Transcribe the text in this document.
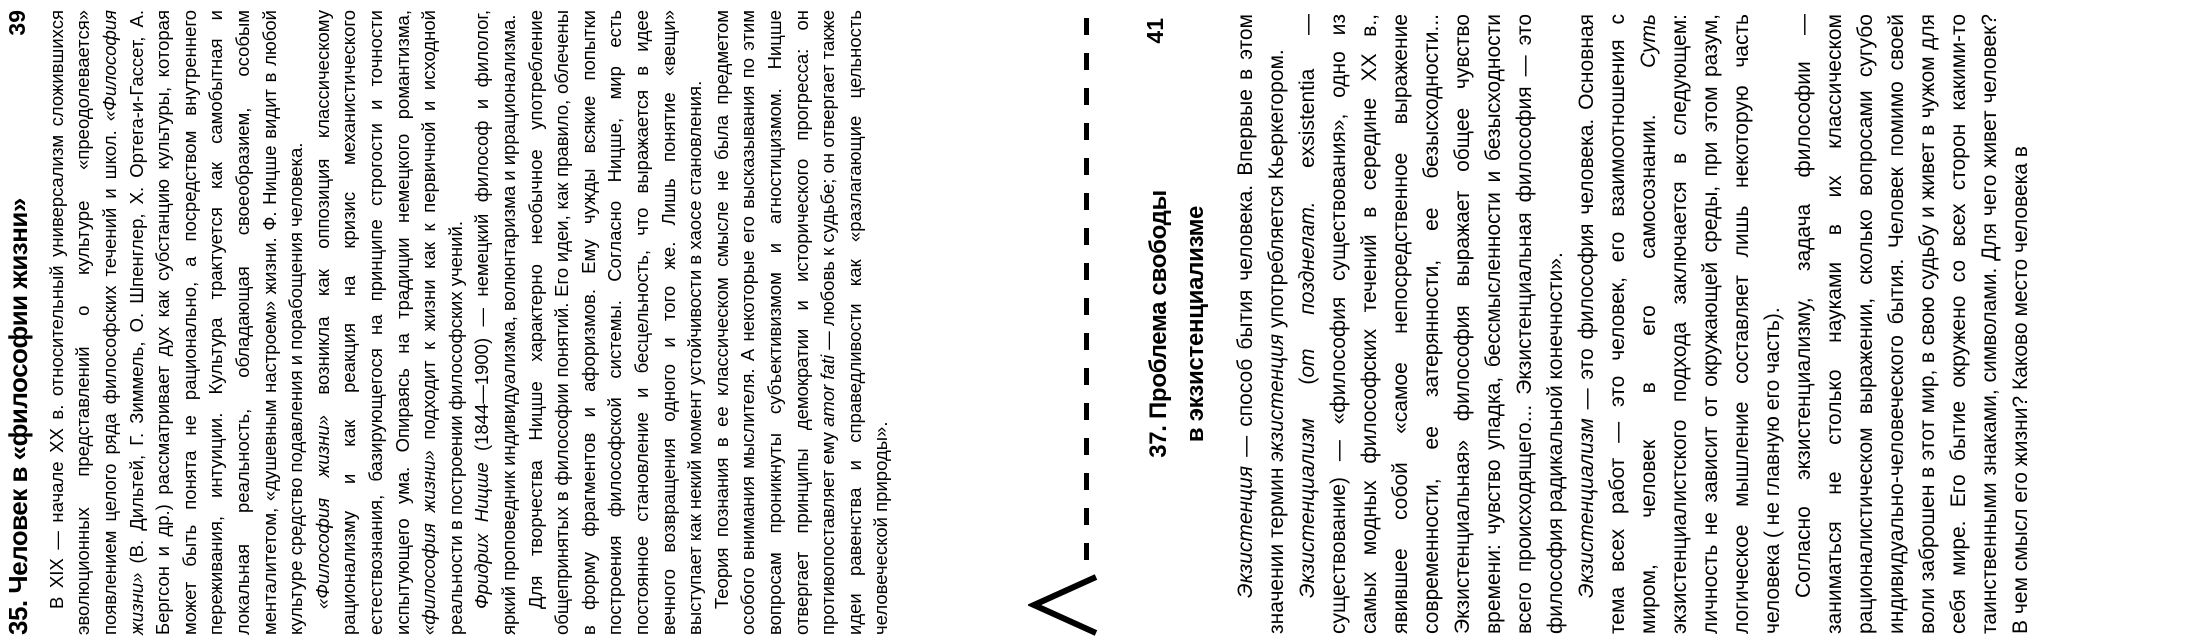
35. Человек в «философии жизни»
39 В XIX — начале XX в. относительный универсализм сложившихся эволюционных представлений о культуре «преодолевается» появлением целого ряда философских течений и школ. «Философия жизни» (В. Дильтей, Г. Зиммель, О. Шпенглер, Х. Ортега-и-Гассет, А. Бергсон и др.) рассматривает дух как субстанцию культуры, которая может быть понята не рационально, а посредством внутреннего переживания, интуиции. Культура трактуется как самобытная и локальная реальность, обладающая своеобразием, особым менталитетом, «душевным настроем» жизни. Ф. Ницше видит в любой культуре средство подавления и порабощения человека. «Философия жизни» возникла как оппозиция классическому рационализму и как реакция на кризис механистического естествознания, базирующегося на принципе строгости и точности испытующего ума. Опираясь на традиции немецкого романтизма, «философия жизни» подходит к жизни как к первичной и исходной реальности в построении философских учений. Фридрих Ницше (1844—1900) — немецкий философ и филолог, яркий проповедник индивидуализма, волюнтаризма и иррационализма. Для творчества Ницше характерно необычное употребление общепринятых в философии понятий. Его идеи, как правило, облечены в форму фрагментов и афоризмов. Ему чужды всякие попытки построения философской системы. Согласно Ницше, мир есть постоянное становление и бесцельность, что выражается в идее вечного возвращения одного и того же. Лишь понятие «вещи» выступает как некий момент устойчивости в хаосе становления. Теория познания в ее классическом смысле не была предметом особого внимания мыслителя. А некоторые его высказывания по этим вопросам проникнуты субъективизмом и агностицизмом. Ницше отвергает принципы демократии и исторического прогресса: он противопоставляет ему amor fati — любовь к судьбе; он отвергает также идеи равенства и справедливости как «разлагающие цельность человеческой природы».

37. Проблема свободы в экзистенциализме
41

Экзистенция — способ бытия человека. Впервые в этом значении термин экзистенция употребляется Кьеркегором.

Экзистенциализм (от позднелат. exsistentia — существование) — «философия существования», одно из самых модных философских течений в середине XX в., явившее собой «самое непосредственное выражение современности, ее затерянности, ее безысходности... Экзистенциальная» философия выражает общее чувство времени: чувство упадка, бессмысленности и безысходности всего происходящего... Экзистенциальная философия — это философия радикальной конечности». Экзистенциализм — это философия человека. Основная тема всех работ — это человек, его взаимоотношения с миром, человек в его самосознании. Суть экзистенциалистского подхода заключается в следующем: личность не зависит от окружающей среды, при этом разум, логическое мышление составляет лишь некоторую часть человека ( не главную его часть). Согласно экзистенциализму, задача философии — заниматься не столько науками в их классическом рационалистическом выражении, сколько вопросами сугубо индивидуально-человеческого бытия. Человек помимо своей воли заброшен в этот мир, в свою судьбу и живет в чужом для себя мире. Его бытие окружено со всех сторон какими-то таинственными знаками, символами. Для чего живет человек? В чем смысл его жизни? Каково место человека в
